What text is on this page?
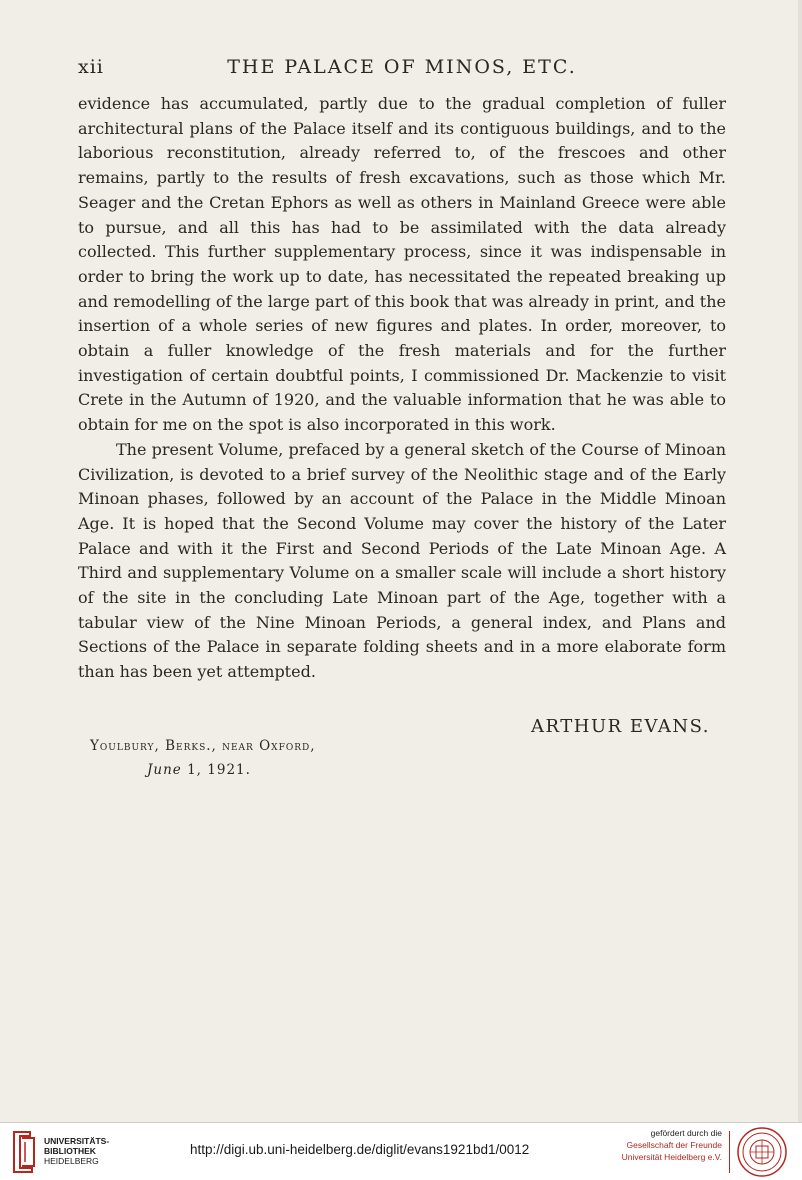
xii	THE PALACE OF MINOS, ETC.

evidence has accumulated, partly due to the gradual completion of fuller architectural plans of the Palace itself and its contiguous buildings, and to the laborious reconstitution, already referred to, of the frescoes and other remains, partly to the results of fresh excavations, such as those which Mr. Seager and the Cretan Ephors as well as others in Mainland Greece were able to pursue, and all this has had to be assimilated with the data already collected. This further supplementary process, since it was indispensable in order to bring the work up to date, has necessitated the repeated breaking up and remodelling of the large part of this book that was already in print, and the insertion of a whole series of new figures and plates. In order, moreover, to obtain a fuller knowledge of the fresh materials and for the further investigation of certain doubtful points, I commissioned Dr. Mackenzie to visit Crete in the Autumn of 1920, and the valuable information that he was able to obtain for me on the spot is also incorporated in this work.

The present Volume, prefaced by a general sketch of the Course of Minoan Civilization, is devoted to a brief survey of the Neolithic stage and of the Early Minoan phases, followed by an account of the Palace in the Middle Minoan Age. It is hoped that the Second Volume may cover the history of the Later Palace and with it the First and Second Periods of the Late Minoan Age. A Third and supplementary Volume on a smaller scale will include a short history of the site in the concluding Late Minoan part of the Age, together with a tabular view of the Nine Minoan Periods, a general index, and Plans and Sections of the Palace in separate folding sheets and in a more elaborate form than has been yet attempted.

ARTHUR EVANS.
Youlbury, Berks., near Oxford,
June 1, 1921.
UNIVERSITÄTS-
BIBLIOTHEK
HEIDELBERG
http://digi.ub.uni-heidelberg.de/diglit/evans1921bd1/0012
gefördert durch die
Gesellschaft der Freunde
Universität Heidelberg e.V.
